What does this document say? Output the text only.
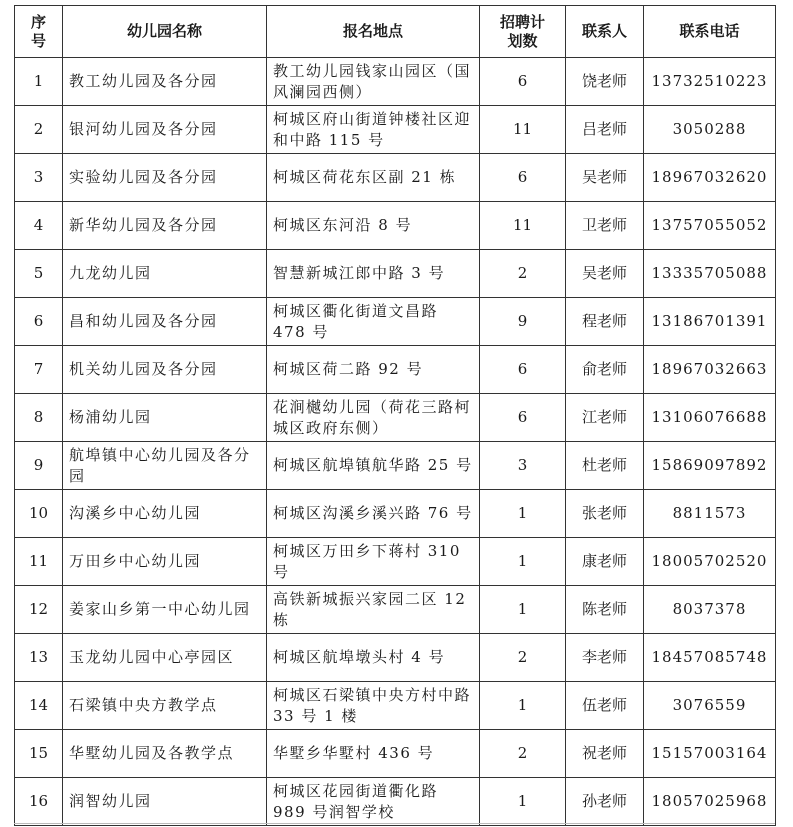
序号	幼儿园名称	报名地点	招聘计划数	联系人	联系电话
1	教工幼儿园及各分园	教工幼儿园钱家山园区（国风澜园西侧）	6	饶老师	13732510223
2	银河幼儿园及各分园	柯城区府山街道钟楼社区迎和中路 115 号	11	吕老师	3050288
3	实验幼儿园及各分园	柯城区荷花东区副 21 栋	6	吴老师	18967032620
4	新华幼儿园及各分园	柯城区东河沿 8 号	11	卫老师	13757055052
5	九龙幼儿园	智慧新城江郎中路 3 号	2	吴老师	13335705088
6	昌和幼儿园及各分园	柯城区衢化街道文昌路 478 号	9	程老师	13186701391
7	机关幼儿园及各分园	柯城区荷二路 92 号	6	俞老师	18967032663
8	杨浦幼儿园	花涧樾幼儿园（荷花三路柯城区政府东侧）	6	江老师	13106076688
9	航埠镇中心幼儿园及各分园	柯城区航埠镇航华路 25 号	3	杜老师	15869097892
10	沟溪乡中心幼儿园	柯城区沟溪乡溪兴路 76 号	1	张老师	8811573
11	万田乡中心幼儿园	柯城区万田乡下蒋村 310 号	1	康老师	18005702520
12	姜家山乡第一中心幼儿园	高铁新城振兴家园二区 12 栋	1	陈老师	8037378
13	玉龙幼儿园中心亭园区	柯城区航埠墩头村 4 号	2	李老师	18457085748
14	石梁镇中央方教学点	柯城区石梁镇中央方村中路 33 号 1 楼	1	伍老师	3076559
15	华墅幼儿园及各教学点	华墅乡华墅村 436 号	2	祝老师	15157003164
16	润智幼儿园	柯城区花园街道衢化路 989 号润智学校	1	孙老师	18057025968
